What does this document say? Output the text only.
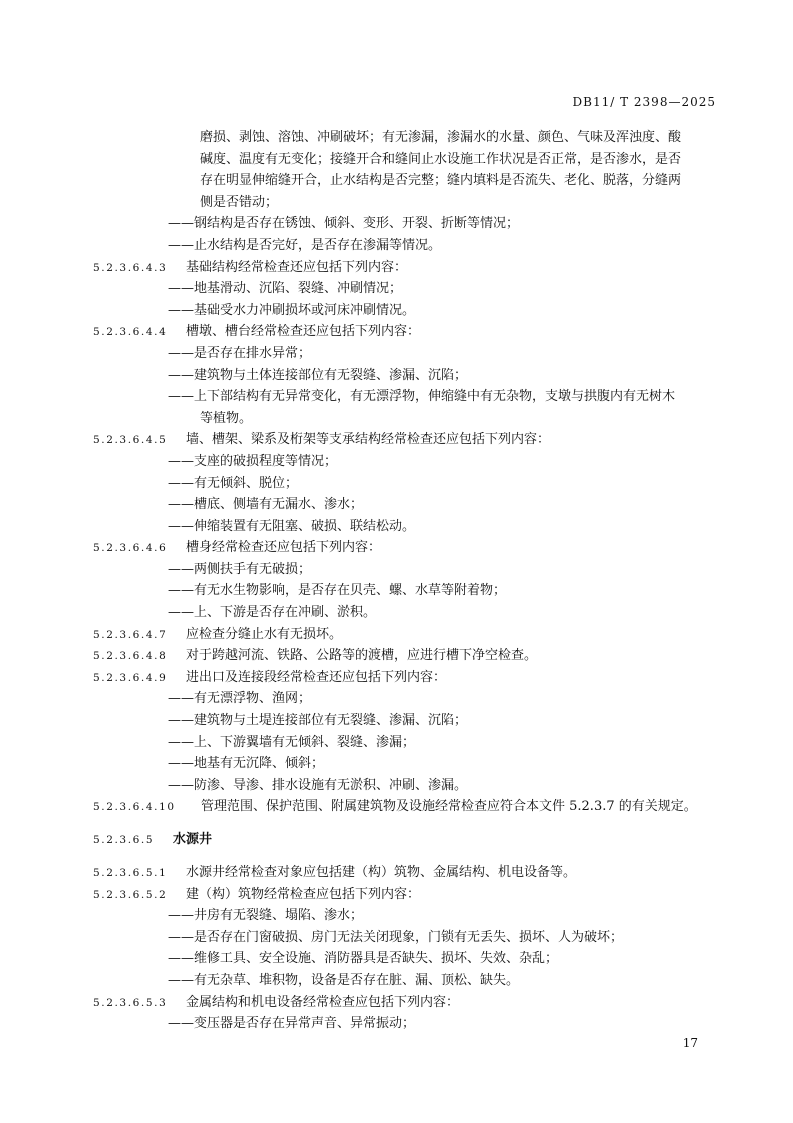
DB11/ T 2398—2025
磨损、剥蚀、溶蚀、冲刷破坏；有无渗漏，渗漏水的水量、颜色、气味及浑浊度、酸
碱度、温度有无变化；接缝开合和缝间止水设施工作状况是否正常，是否渗水，是否
存在明显伸缩缝开合，止水结构是否完整；缝内填料是否流失、老化、脱落，分缝两
侧是否错动；
——钢结构是否存在锈蚀、倾斜、变形、开裂、折断等情况；
——止水结构是否完好，是否存在渗漏等情况。
5.2.3.6.4.3 基础结构经常检查还应包括下列内容：
——地基滑动、沉陷、裂缝、冲刷情况；
——基础受水力冲刷损坏或河床冲刷情况。
5.2.3.6.4.4 槽墩、槽台经常检查还应包括下列内容：
——是否存在排水异常；
——建筑物与土体连接部位有无裂缝、渗漏、沉陷；
——上下部结构有无异常变化，有无漂浮物，伸缩缝中有无杂物，支墩与拱腹内有无树木
等植物。
5.2.3.6.4.5 墙、槽架、梁系及桁架等支承结构经常检查还应包括下列内容：
——支座的破损程度等情况；
——有无倾斜、脱位；
——槽底、侧墙有无漏水、渗水；
——伸缩装置有无阻塞、破损、联结松动。
5.2.3.6.4.6 槽身经常检查还应包括下列内容：
——两侧扶手有无破损；
——有无水生物影响，是否存在贝壳、螺、水草等附着物；
——上、下游是否存在冲刷、淤积。
5.2.3.6.4.7 应检查分缝止水有无损坏。
5.2.3.6.4.8 对于跨越河流、铁路、公路等的渡槽，应进行槽下净空检查。
5.2.3.6.4.9 进出口及连接段经常检查还应包括下列内容：
——有无漂浮物、渔网；
——建筑物与土堤连接部位有无裂缝、渗漏、沉陷；
——上、下游翼墙有无倾斜、裂缝、渗漏；
——地基有无沉降、倾斜；
——防渗、导渗、排水设施有无淤积、冲刷、渗漏。
5.2.3.6.4.10 管理范围、保护范围、附属建筑物及设施经常检查应符合本文件 5.2.3.7 的有关规定。
5.2.3.6.5 水源井
5.2.3.6.5.1 水源井经常检查对象应包括建（构）筑物、金属结构、机电设备等。
5.2.3.6.5.2 建（构）筑物经常检查应包括下列内容：
——井房有无裂缝、塌陷、渗水；
——是否存在门窗破损、房门无法关闭现象，门锁有无丢失、损坏、人为破坏；
——维修工具、安全设施、消防器具是否缺失、损坏、失效、杂乱；
——有无杂草、堆积物，设备是否存在脏、漏、顶松、缺失。
5.2.3.6.5.3 金属结构和机电设备经常检查应包括下列内容：
——变压器是否存在异常声音、异常振动；
17
